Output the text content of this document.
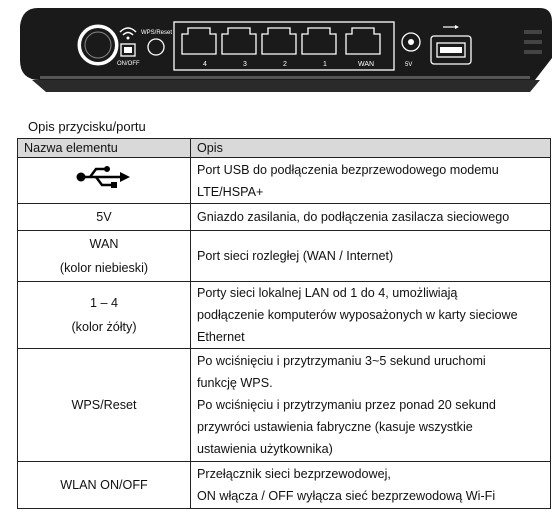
ON/OFF
WPS/Reset
4	3	2	1	WAN	5V
Opis przycisku/portu
Nazwa elementu	Opis

Port USB do podłączenia bezprzewodowego modemu
LTE/HSPA+

5V	Gniazdo zasilania, do podłączenia zasilacza sieciowego

WAN
(kolor niebieski)	Port sieci rozległej (WAN / Internet)

1 – 4
(kolor żółty)	Porty sieci lokalnej LAN od 1 do 4, umożliwiają
podłączenie komputerów wyposażonych w karty sieciowe
Ethernet

WPS/Reset	Po wciśnięciu i przytrzymaniu 3~5 sekund uruchomi
funkcję WPS.
Po wciśnięciu i przytrzymaniu przez ponad 20 sekund
przywróci ustawienia fabryczne (kasuje wszystkie
ustawienia użytkownika)

WLAN ON/OFF	Przełącznik sieci bezprzewodowej,
ON włącza / OFF wyłącza sieć bezprzewodową Wi-Fi
